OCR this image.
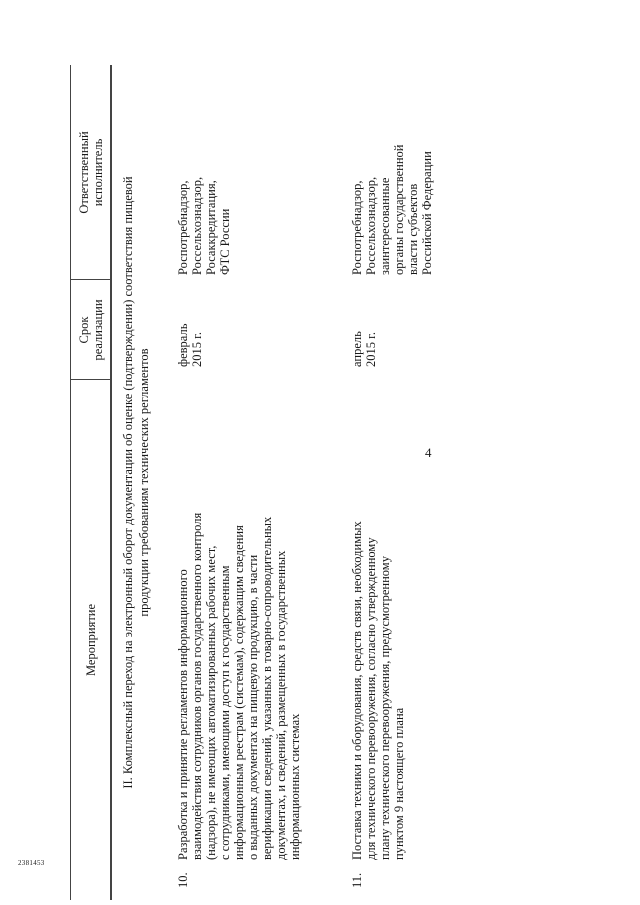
4
2381453
Мероприятие
Срок реализации
Ответственный исполнитель
II. Комплексный переход на электронный оборот документации об оценке (подтверждении) соответствия пищевой продукции требованиям технических регламентов
10.
Разработка и принятие регламентов информационного взаимодействия сотрудников органов государственного контроля (надзора), не имеющих автоматизированных рабочих мест, с сотрудниками, имеющими доступ к государственным информационным реестрам (системам), содержащим сведения о выданных документах на пищевую продукцию, в части верификации сведений, указанных в товарно-сопроводительных документах, и сведений, размещенных в государственных информационных системах
февраль 2015 г.
Роспотребнадзор, Россельхознадзор, Росаккредитация, ФТС России
11.
Поставка техники и оборудования, средств связи, необходимых для технического перевооружения, согласно утвержденному плану технического перевооружения, предусмотренному пунктом 9 настоящего плана
апрель 2015 г.
Роспотребнадзор, Россельхознадзор, заинтересованные органы государственной власти субъектов Российской Федерации
